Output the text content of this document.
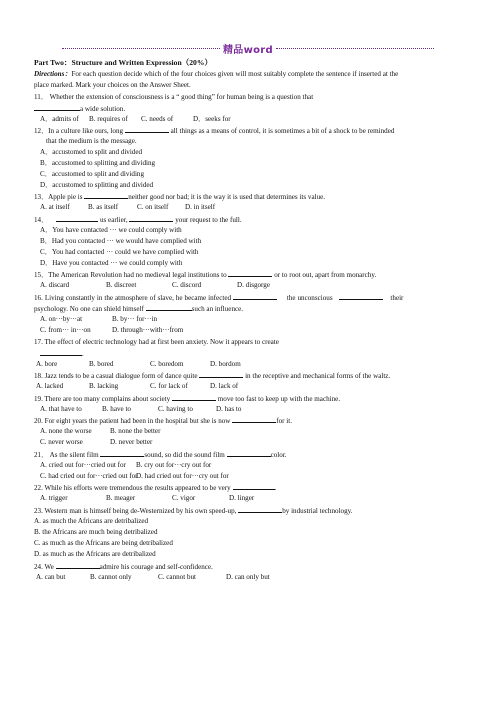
精品word
Part Two：Structure and Written Expression（20%）
Directions：For each question decide which of the four choices given will most suitably complete the sentence if inserted at the
place marked. Mark your choices on the Answer Sheet.
11． Whether the extension of consciousness is a “ good thing” for human being is a question that
a wide solution.
A．admits of B. requires of C. needs of	D．seeks for
12．In a culture like ours, long	all things as a means of control, it is sometimes a bit of a shock to be reminded
that the medium is the message.
A．accustomed to split and divided
B．accustomed to splitting and dividing
C．accustomed to split and dividing
D．accustomed to splitting and divided
13．Apple pie is	neither good nor bad; it is the way it is used that determines its value.
A. at itself	B. as itself	C. on itself D. in itself
14．	us earlier,	your request to the full.
A．You have contacted ··· we could comply with
B．Had you contacted ··· we would have complied with
C．You had contacted ··· could we have complied with
D．Have you contacted ··· we could comply with
15．The American Revolution had no medieval legal institutions to	or to root out, apart from monarchy.
A. discard	B. discreet	C. discord	D. disgorge
16. Living constantly in the atmosphere of slave, he became infected	the unconscious	their
psychology. No one can shield himself	such an influence.
A. on···by···at	B. by··· for···in
C. from··· in···on	D. through···with···from
17. The effect of electric technology had at first been anxiety. Now it appears to create
.
A. bore	B. bored	C. boredom	D. bordom
18. Jazz tends to be a casual dialogue form of dance quite	in the receptive and mechanical forms of the waltz.
A. lacked	B. lacking	C. for lack of	D. lack of
19. There are too many complains about society	move too fast to keep up with the machine.
A. that have to	B. have to	C. having to	D. has to
20. For eight years the patient had been in the hospital but she is now	for it.
A. none the worse	B. none the better
C. never worse	D. never better
21． As the silent film	sound, so did the sound film	color.
A. cried out for···cried out for B. cry out for···cry out for
C. had cried out for···cried out forD. had cried out for···cry out for
22. While his efforts were tremendous the results appeared to be very	.
A. trigger	B. meager	C. vigor	D. linger
23. Western man is himself being de-Westernized by his own speed-up,	by industrial technology.
A. as much the Africans are detribalized
B. the Africans are much being detribalized
C. as much as the Africans are being detribalized
D. as much as the Africans are detribalized
24. We	admire his courage and self-confidence.
A. can but	B. cannot only	C. cannot but	D. can only but
